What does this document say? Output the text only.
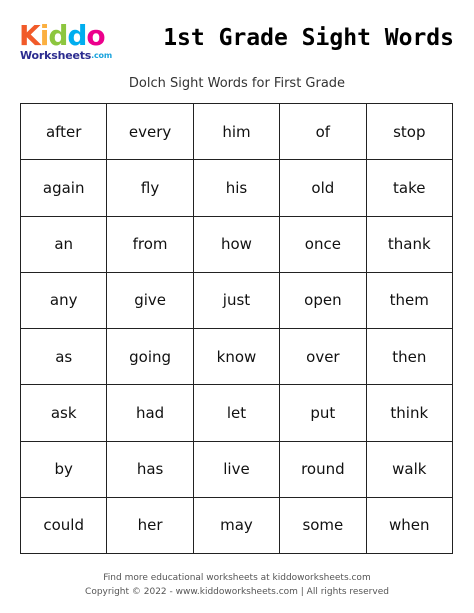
Kiddo
Worksheets.com
1st Grade Sight Words
Dolch Sight Words for First Grade
after	every	him	of	stop
again	fly	his	old	take
an	from	how	once	thank
any	give	just	open	them
as	going	know	over	then
ask	had	let	put	think
by	has	live	round	walk
could	her	may	some	when
Find more educational worksheets at kiddoworksheets.com
Copyright © 2022 - www.kiddoworksheets.com | All rights reserved
